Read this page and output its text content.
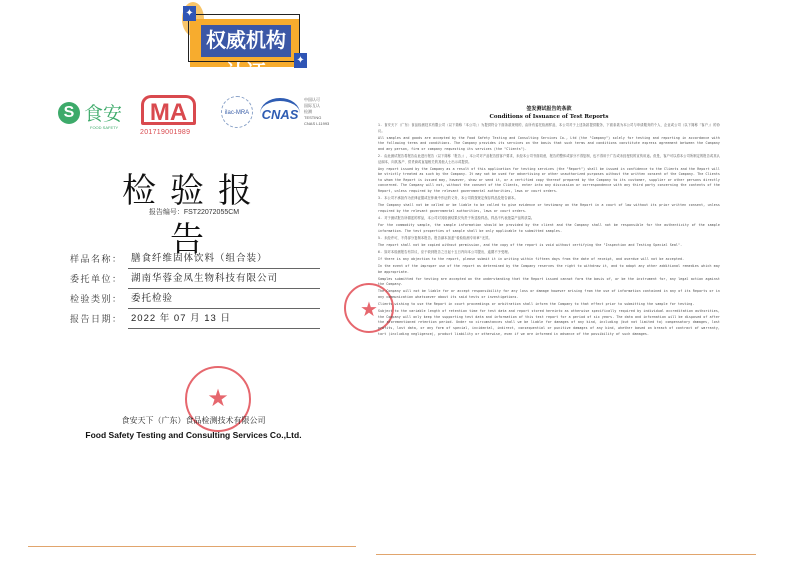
权威机构认证
✦
✦
S 食安
FOOD SAFETY
MA
201719001989
ilac-MRA CNAS
中国认可
国际互认
检测
TESTING
CNAS L11993
检验报告
报告编号：FST22072055CM
样品名称： 膳食纤维固体饮料（组合装）
委托单位： 湖南华蓉金凤生物科技有限公司
检验类别： 委托检验
报告日期： 2022 年 07 月 13 日	★
★
食安天下（广东）食品检测技术有限公司
Food Safety Testing and Consulting Services Co.,Ltd.
签发测试报告的条款
Conditions of Issuance of Test Reports

1. 食安天下（广东）食品检测技术有限公司（以下简称「本公司」）为提供符合下面条款规则的，由所有委托检测样品，本公司对于上述条款提供服务，下面条款为本公司与申请服务的个人、企业或公司（以下简称「客户」）的协议。

All samples and goods are accepted by the Food Safety Testing and Consulting Services Co., Ltd (the "Company") solely for testing and reporting in accordance with the following terms and conditions. The Company provides its services on the basis that such terms and conditions constitute express agreement between the Company and any person, firm or company requesting its services (the "Clients").

2. 由此测试报告将报告由此进行报告（以下简称「报告」），本公司对产品报告按客户要求，未经本公司书面同意，报告的整体或部分不得复制，也不得用于广告或未经授权的宣传用途。但是，客户可以将本公司所制定的报告或其认证副本，向其客户、供货商或直接相关的其他人士出示或提供。

Any report issued by the Company as a result of this application for testing services (the "Report") shall be issued in confidence to the Clients and the Report will be strictly treated as such by the Company. It may not be used for advertising or other unauthorized purposes without the written consent of the Company. The Clients to whom the Report is issued may, however, show or send it, or a certified copy thereof prepared by the Company to its customer, supplier or other persons directly concerned. The Company will not, without the consent of the Clients, enter into any discussion or correspondence with any third party concerning the contents of the Report, unless required by the relevant governmental authorities, laws or court orders.

3. 本公司不承担作为法律证据或在仲裁中作证的义务，本公司将按规定保存样品及报告副本。

The Company shall not be called or be liable to be called to give evidence or testimony on the Report in a court of law without its prior written consent, unless required by the relevant governmental authorities, laws or court orders.

4. 对于测试报告所描述的样品，本公司对其检测结果仅负责于所送检样品，样品不代表批量产品的质量。

For the commodity sample, the sample information should be provided by the client and the Company shall not be responsible for the authenticity of the sample information. The test properties of sample shall be only applicable to submitted samples.

5. 未经许可，不得部分复制本报告。报告副本加盖"检验检测专用章"无效。

The report shall not be copied without permission, and the copy of the report is void without certifying the "Inspection and Testing Special Seal".

6. 如对本检测报告有异议，应于收到报告之日起十五日内向本公司提出，逾期不予受理。

If there is any objection to the report, please submit it in writing within fifteen days from the date of receipt, and overdue will not be accepted.

In the event of the improper use of the report as determined by the Company reserves the right to withdraw it, and to adopt any other additional remedies which may be appropriate.

Samples submitted for testing are accepted on the understanding that the Report issued cannot form the basis of, or be the instrument for, any legal action against the Company.

The Company will not be liable for or accept responsibility for any loss or damage however arising from the use of information contained in any of its Reports or in any communication whatsoever about its said tests or investigations.

Clients wishing to use the Report in court proceedings or arbitration shall inform the Company to that effect prior to submitting the sample for testing.

Subject to the variable length of retention time for test data and report stored hereinto as otherwise specifically required by individual accreditation authorities, the Company will only keep the supporting test data and information of this test report for a period of six years. The data and information will be disposed of after the aforementioned retention period. Under no circumstances shall we be liable for damages of any kind, including (but not limited to) compensatory damages, lost profits, lost data, or any form of special, incidental, indirect, consequential or punitive damages of any kind, whether based on breach of contract of warranty, tort (including negligence), product liability or otherwise, even if we are informed in advance of the possibility of such damages.
